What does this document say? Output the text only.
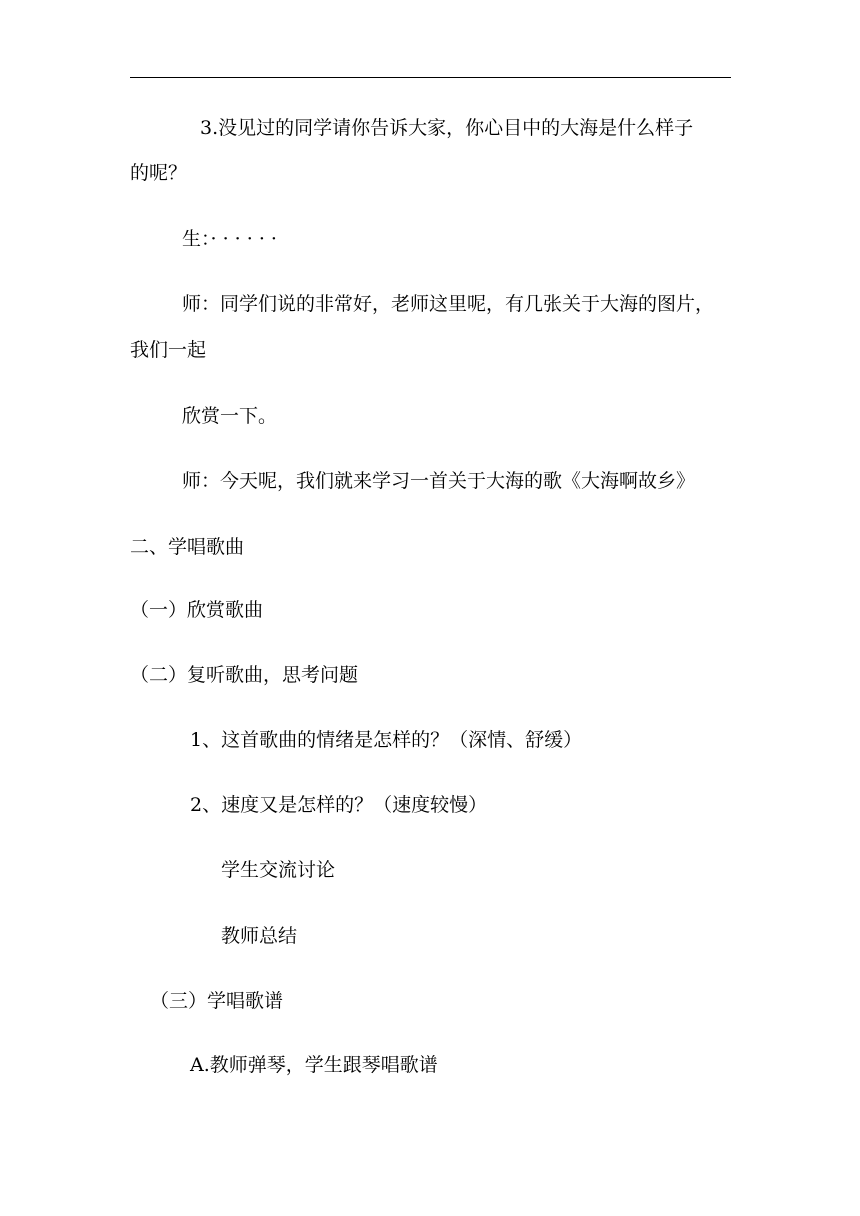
3.没见过的同学请你告诉大家，你心目中的大海是什么样子
的呢？
生：· · · · · ·
师：同学们说的非常好，老师这里呢，有几张关于大海的图片，
我们一起
欣赏一下。
师：今天呢，我们就来学习一首关于大海的歌《大海啊故乡》
二、学唱歌曲
（一）欣赏歌曲
（二）复听歌曲，思考问题
1、这首歌曲的情绪是怎样的？（深情、舒缓）
2、速度又是怎样的？（速度较慢）
学生交流讨论
教师总结
（三）学唱歌谱
A.教师弹琴，学生跟琴唱歌谱
